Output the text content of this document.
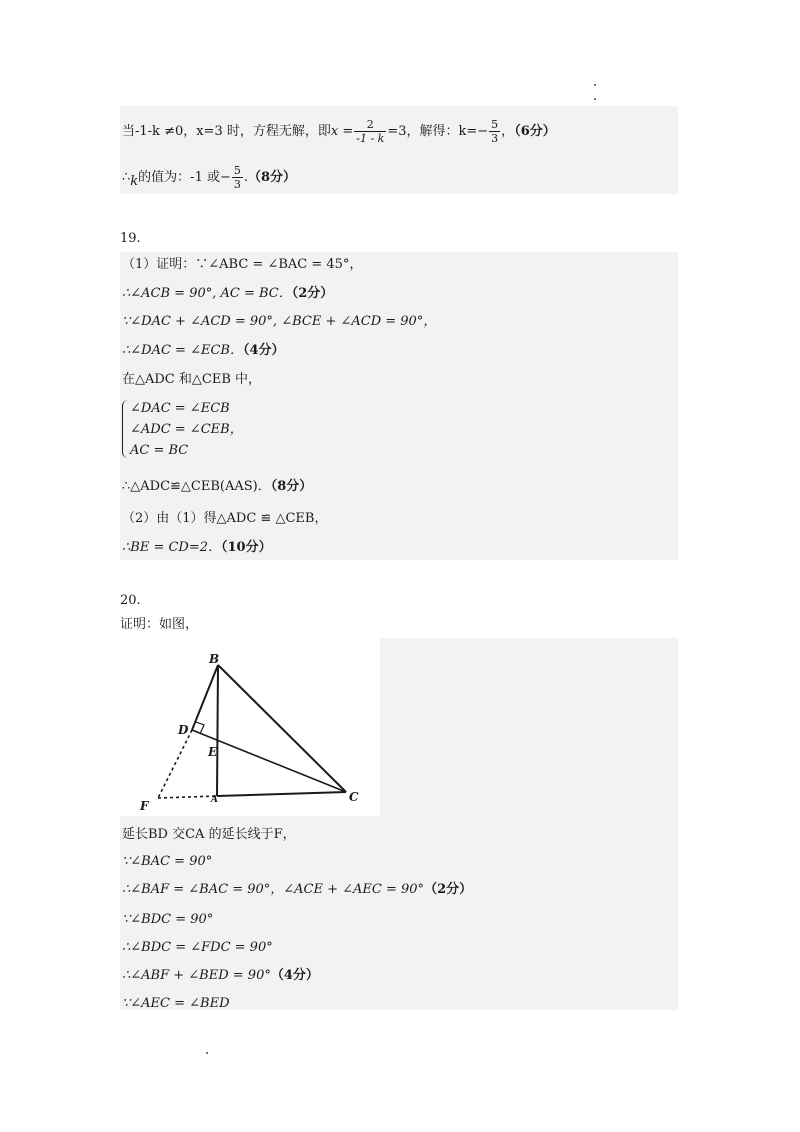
当-1-k ≠0，x=3 时，方程无解，即$x = \frac{2}{-1 - k} =3$，解得：$k=- \frac{5}{3}$ ，（6分）
∴k的值为：-1 或− $\frac{5}{3} .(8$分）
19.
（1）证明：∵∠ABC = ∠BAC = 45°，
∴∠ACB = 90°, AC = BC．（2分）
∵∠DAC + ∠ACD = 90°, ∠BCE + ∠ACD = 90°，
∴∠DAC = ∠ECB．（4分）
在△ADC 和△CEB 中，
∠DAC = ∠ECB
∠ADC = ∠CEB，
AC = BC
∴△ADC≌△CEB(AAS)．（8分）
（2）由（1）得△ADC ≌ △CEB，
∴BE = CD=2．（10分）
20.
证明：如图，
B
D
E
F	A	C
延长BD 交CA 的延长线于F，
∵∠BAC = 90°
∴∠BAF = ∠BAC = 90°，∠ACE + ∠AEC = 90°（2分）
∵∠BDC = 90°
∴∠BDC = ∠FDC = 90°
∴∠ABF + ∠BED = 90°（4分）
∵∠AEC = ∠BED
